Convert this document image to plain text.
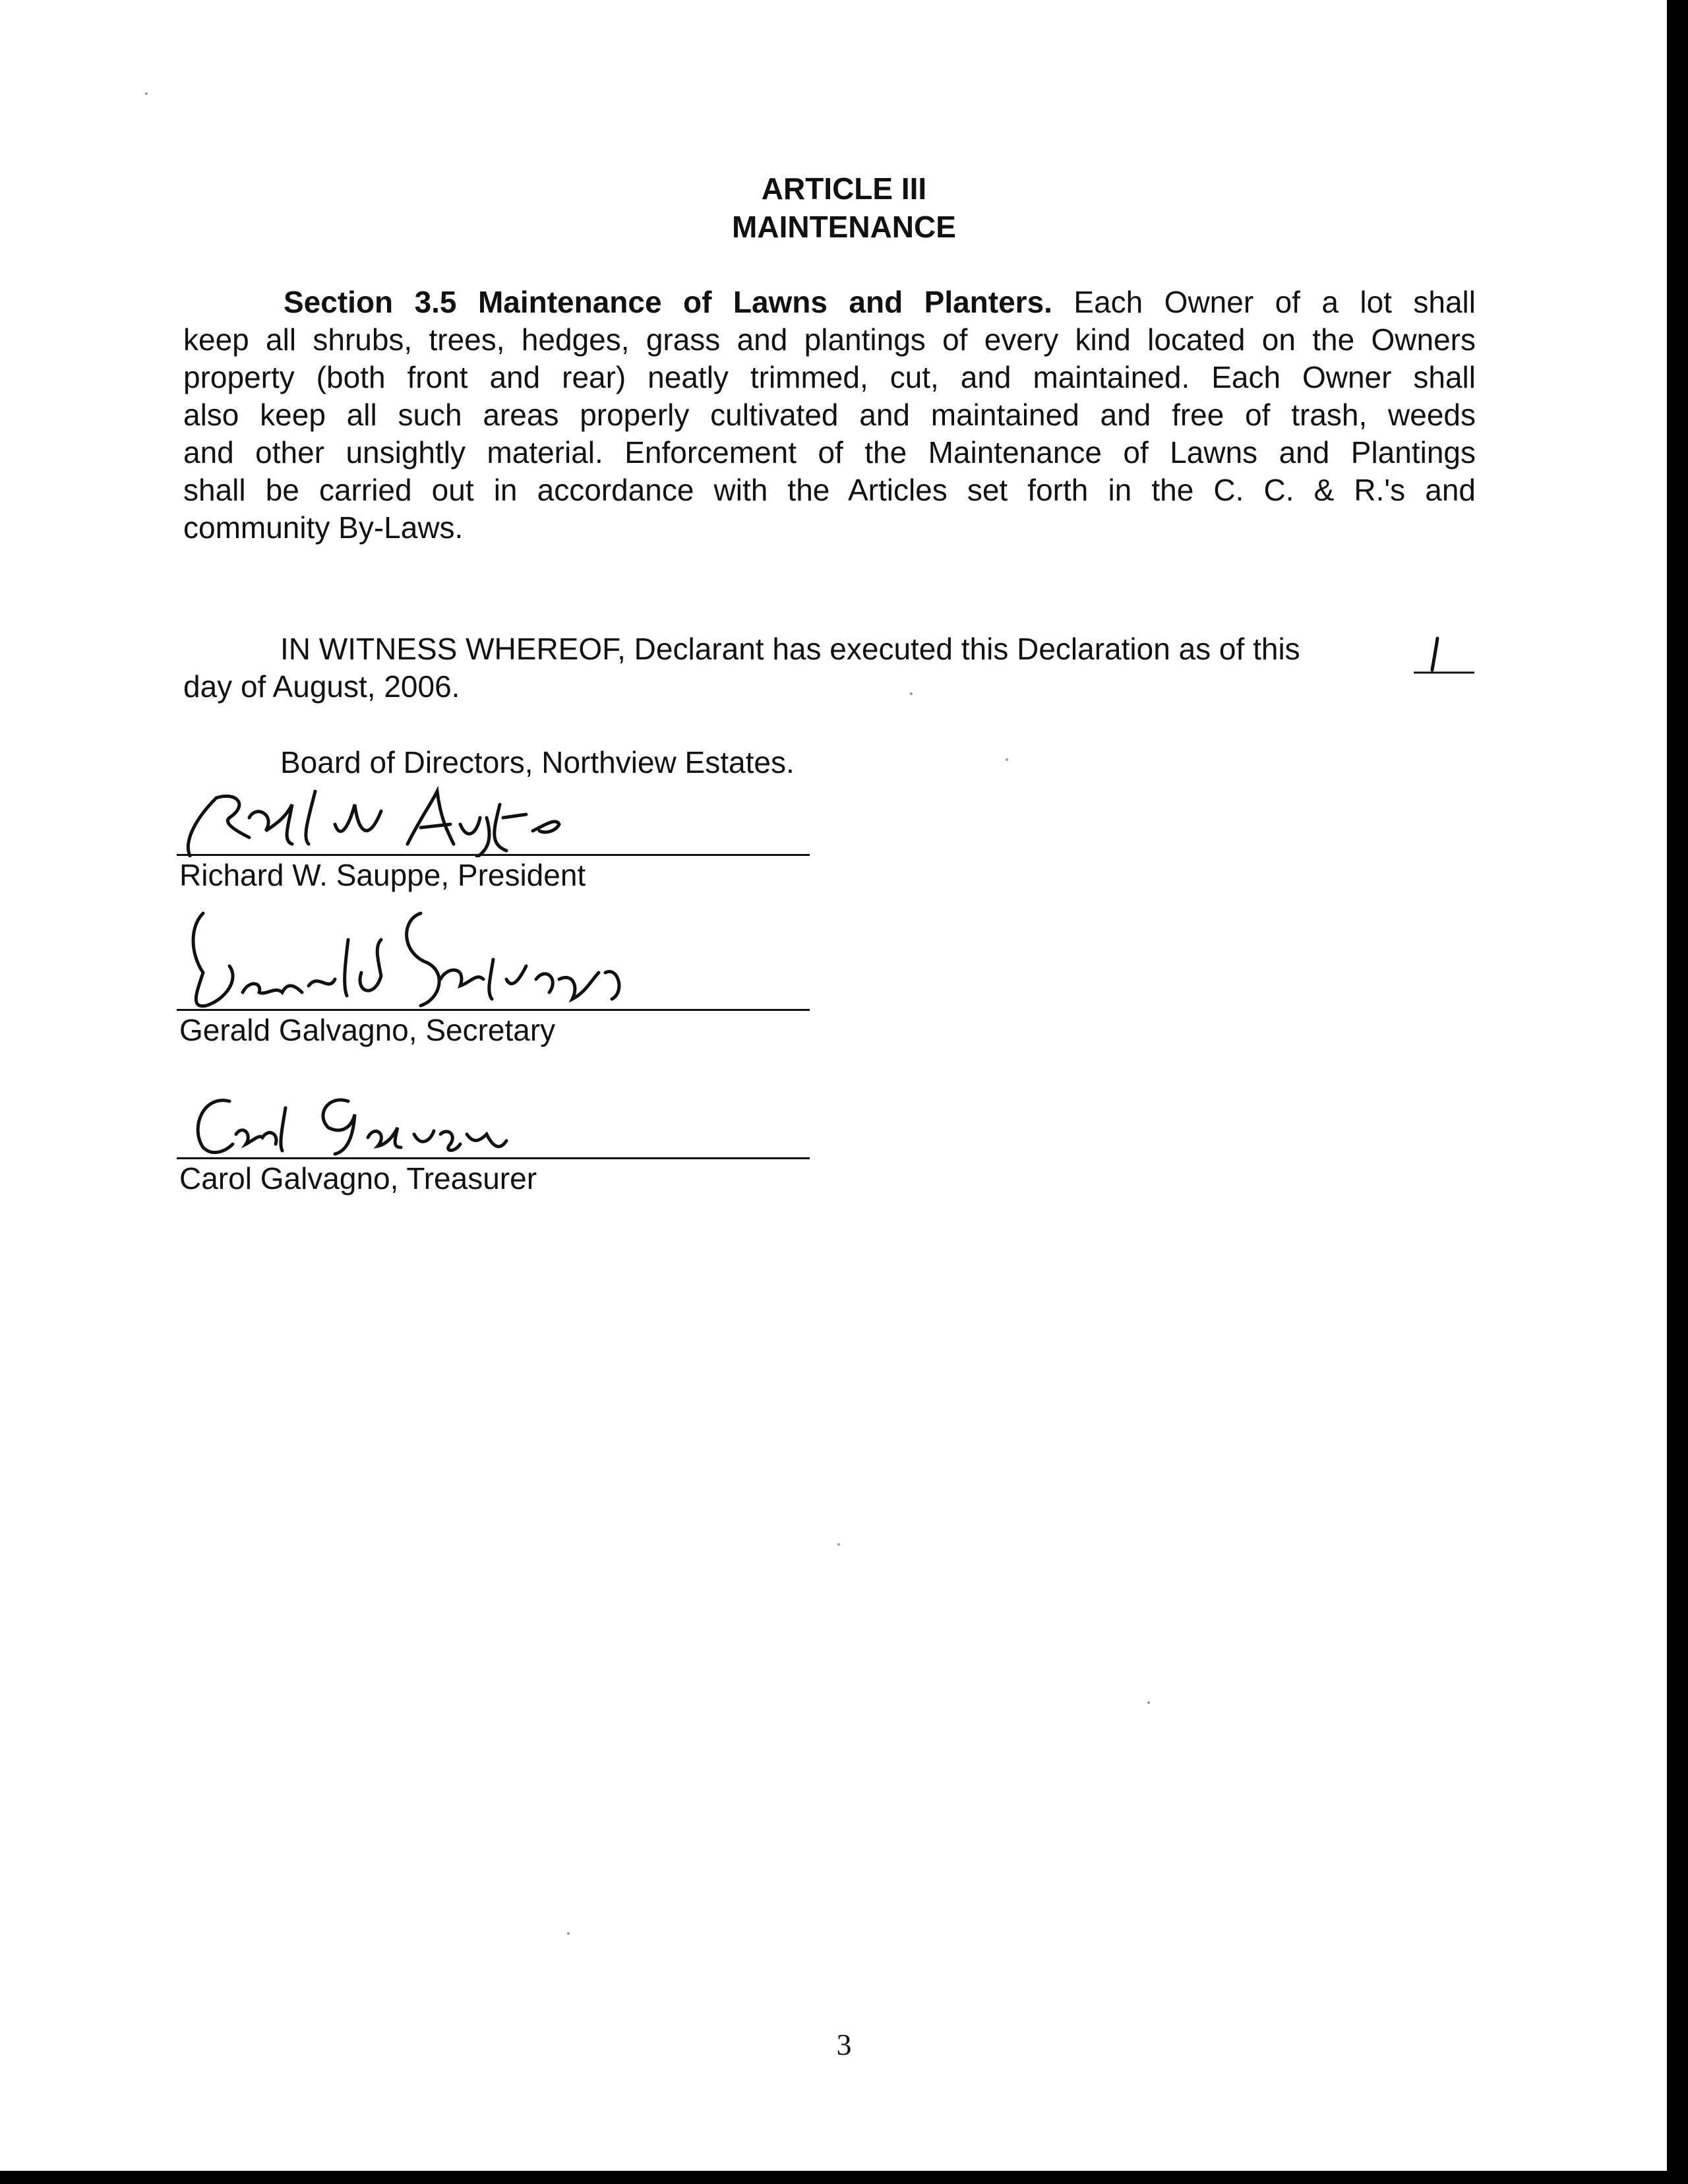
ARTICLE III
MAINTENANCE
Section 3.5 Maintenance of Lawns and Planters. Each Owner of a lot shall
keep all shrubs, trees, hedges, grass and plantings of every kind located on the Owners
property (both front and rear) neatly trimmed, cut, and maintained. Each Owner shall
also keep all such areas properly cultivated and maintained and free of trash, weeds
and other unsightly material. Enforcement of the Maintenance of Lawns and Plantings
shall be carried out in accordance with the Articles set forth in the C. C. & R.'s and
community By-Laws.
IN WITNESS WHEREOF, Declarant has executed this Declaration as of this
day of August, 2006.
Board of Directors, Northview Estates.
Richard W. Sauppe, President
Gerald Galvagno, Secretary
Carol Galvagno, Treasurer
3
